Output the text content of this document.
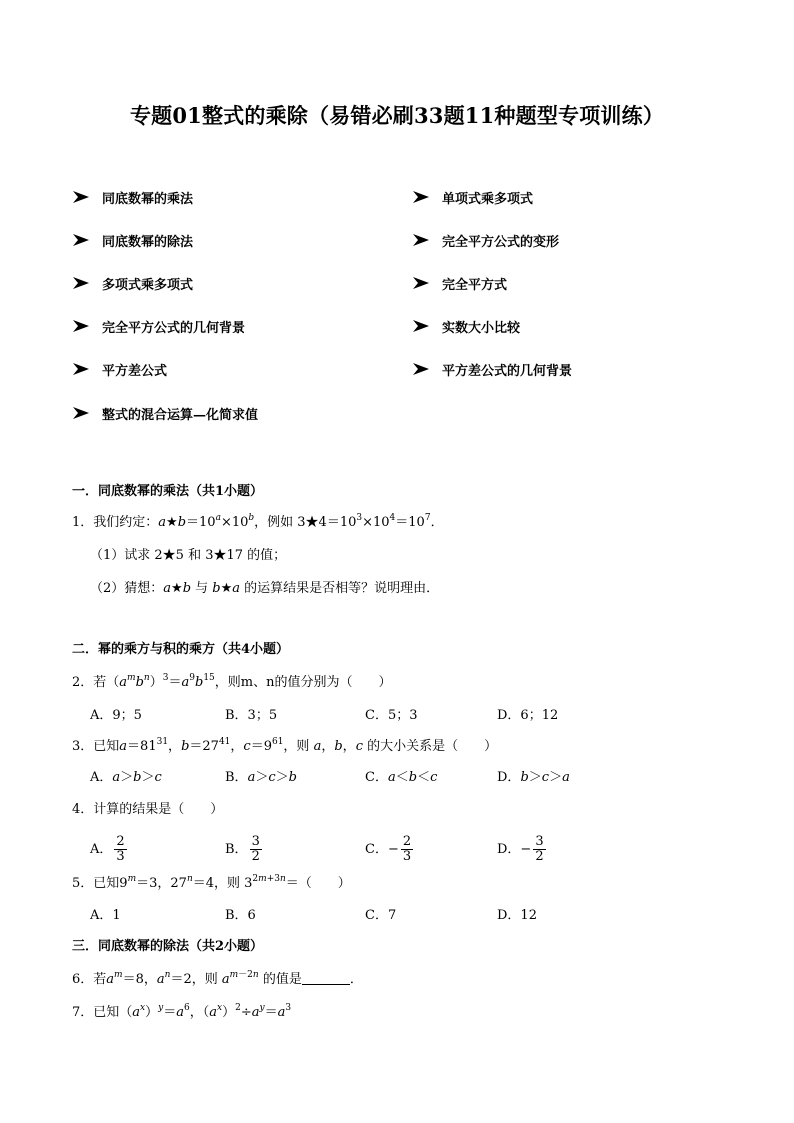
专题01整式的乘除（易错必刷33题11种题型专项训练）
同底数幂的乘法	单项式乘多项式
同底数幂的除法	完全平方公式的变形
多项式乘多项式	完全平方式
完全平方公式的几何背景	实数大小比较
平方差公式	平方差公式的几何背景
整式的混合运算—化简求值
一．同底数幂的乘法（共1小题）
1．我们约定：$a★b=10^a\times 10^b$，例如 $3★4=10^3\times 10^4=10^7$．
（1）试求 2★5 和 3★17 的值；
（2）猜想：a★b 与 b★a 的运算结果是否相等？说明理由．
二．幂的乘方与积的乘方（共4小题）
2．若$(a^mb^n)^3=a^9b^{15}$，则m、n的值分别为（　　）
A．9；5	B．3；5	C．5；3	D．6；12
3．已知$a=81^{31}$，$b=27^{41}$，$c=9^{61}$，则 a，b，c 的大小关系是（　　）
A．a＞b＞c	B．a＞c＞b	C．a＜b＜c	D．b＞c＞a
4．计算的结果是（　　）
A． $\frac{2}{3}$	B． $\frac{3}{2}$	C．− $\frac{2}{3}$	D．− $\frac{3}{2}$
5．已知$9^m=3$，$27^n=4$，则 $3^{2m+3n}=$（　　）
A．1	B．6	C．7	D．12
三．同底数幂的除法（共2小题）
6．若$a^m=8$，$a^n=2$，则 $a^{m-2n}$ 的值是	．
7．已知$(a^x)^y=a^6$，$(a^x)^2\div a^y=a^3$
